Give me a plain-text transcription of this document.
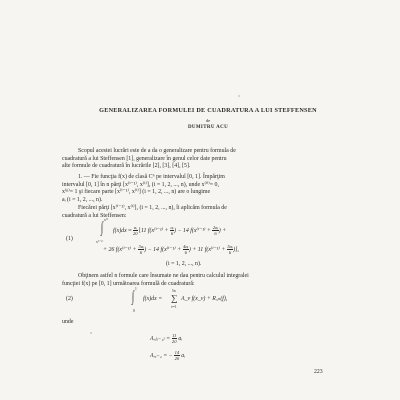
GENERALIZAREA FORMULEI DE CUADRATURA A LUI STEFFENSEN
de
DUMITRU ACU

Scopul acestei lucrări este de a da o generalizare pentru formula de
cuadratură a lui Steffensen [1], generalizare în genul celor date pentru
alte formule de cuadratură în lucrările [2], [3], [4], [5].

1. — Fie funcţia f(x) de clasă C⁶ pe intervalul [0, 1]. Împărţim
intervalul [0, 1] în n părţi [x⁽ⁱ⁻¹⁾, x⁽ⁱ⁾], (i = 1, 2, ..., n), unde x⁽⁰⁾= 0,
x⁽ⁿ⁾= 1 şi fiecare parte [x⁽ⁱ⁻¹⁾, x⁽ⁱ⁾] (i = 1, 2, ..., n) are o lungime
aᵢ (i = 1, 2, ..., n).

Fiecărei părţi [x⁽ⁱ⁻¹⁾, x⁽ⁱ⁾], (i = 1, 2, ..., n), îi aplicăm formula de
cuadratură a lui Steffensen:

(1)
x⁽ⁱ⁾
∫
x⁽ⁱ⁻¹⁾
$f(x)dx \approx \frac{\text{aᵢ}}{20} [11$ $f(x^{(i-1)} + \frac{\text{aᵢ}}{6}$ ) − 14 $f(x^{(i-1)} + \frac{\text{2aᵢ}}{6}$ ) +
+ 26 $f(x^{(i-1)} + \frac{\text{3aᵢ}}{6}$ ) − 14 $f(x^{(i-1)} + \frac{\text{4aᵢ}}{6}$ ) + 11 $f(x^{(i-1)} + \frac{\text{5aᵢ}}{6}$ )],
(i = 1, 2, ..., n).

Obţinem astfel n formule care însumate ne dau pentru calculul integralei
funcţiei f(x) pe [0, 1] următoarea formulă de cuadratură:

(2)
1
∫
0
f(x)dx =
5n
∑
v=1
A_v f(x_v) + R₅ₙ(f),
unde
A₅₍ᵢ₋₁₎ = $\frac{11}{20}$ aᵢ
A₅ᵢ₋₄ = − $\frac{14}{20}$ aᵢ
223
